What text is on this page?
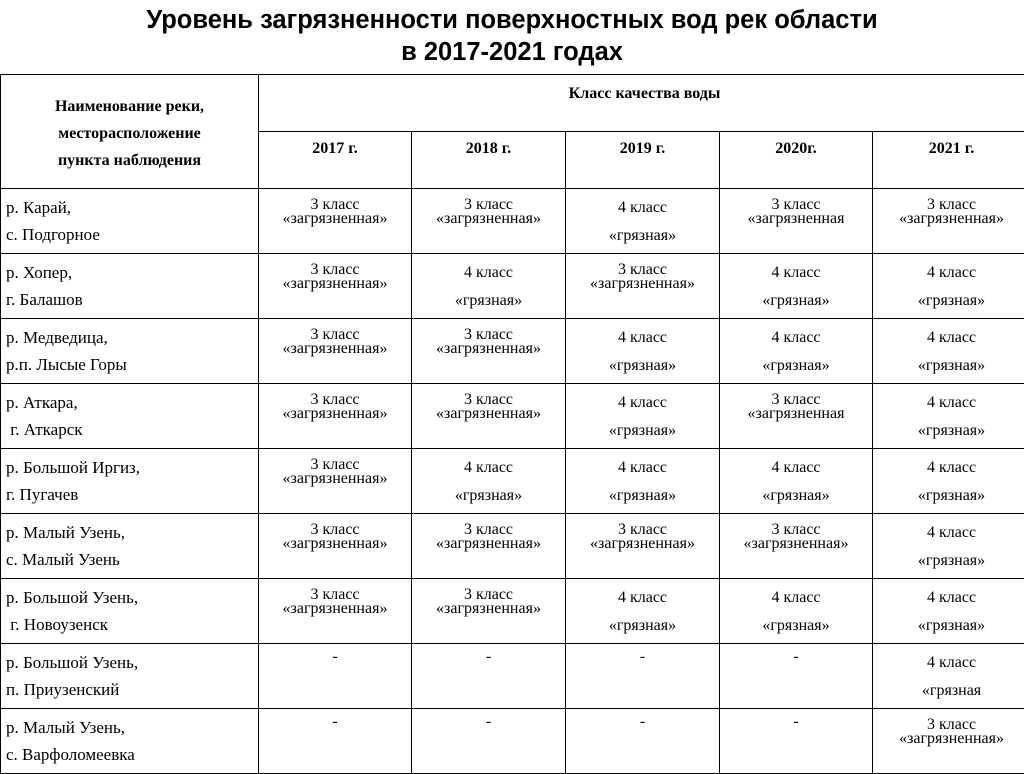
Уровень загрязненности поверхностных вод рек области
в 2017-2021 годах
Наименование реки,
месторасположение
пункта наблюдения	Класс качества воды				
	2017 г.	2018 г.	2019 г.	2020г.	2021 г.

р. Карай,
с. Подгорное	3 класс
«загрязненная»	3 класс
«загрязненная»	4 класс
«грязная»	3 класс
«загрязненная	3 класс
«загрязненная»

р. Хопер,
г. Балашов	3 класс
«загрязненная»	4 класс
«грязная»	3 класс
«загрязненная»	4 класс
«грязная»	4 класс
«грязная»

р. Медведица,
р.п. Лысые Горы	3 класс
«загрязненная»	3 класс
«загрязненная»	4 класс
«грязная»	4 класс
«грязная»	4 класс
«грязная»

р. Аткара,
г. Аткарск	3 класс
«загрязненная»	3 класс
«загрязненная»	4 класс
«грязная»	3 класс
«загрязненная	4 класс
«грязная»

р. Большой Иргиз,
г. Пугачев	3 класс
«загрязненная»	4 класс
«грязная»	4 класс
«грязная»	4 класс
«грязная»	4 класс
«грязная»

р. Малый Узень,
с. Малый Узень	3 класс
«загрязненная»	3 класс
«загрязненная»	3 класс
«загрязненная»	3 класс
«загрязненная»	4 класс
«грязная»

р. Большой Узень,
г. Новоузенск	3 класс
«загрязненная»	3 класс
«загрязненная»	4 класс
«грязная»	4 класс
«грязная»	4 класс
«грязная»

р. Большой Узень,
п. Приузенский	-	-	-	-	4 класс
«грязная

р. Малый Узень,
с. Варфоломеевка	-	-	-	-	3 класс
«загрязненная»
